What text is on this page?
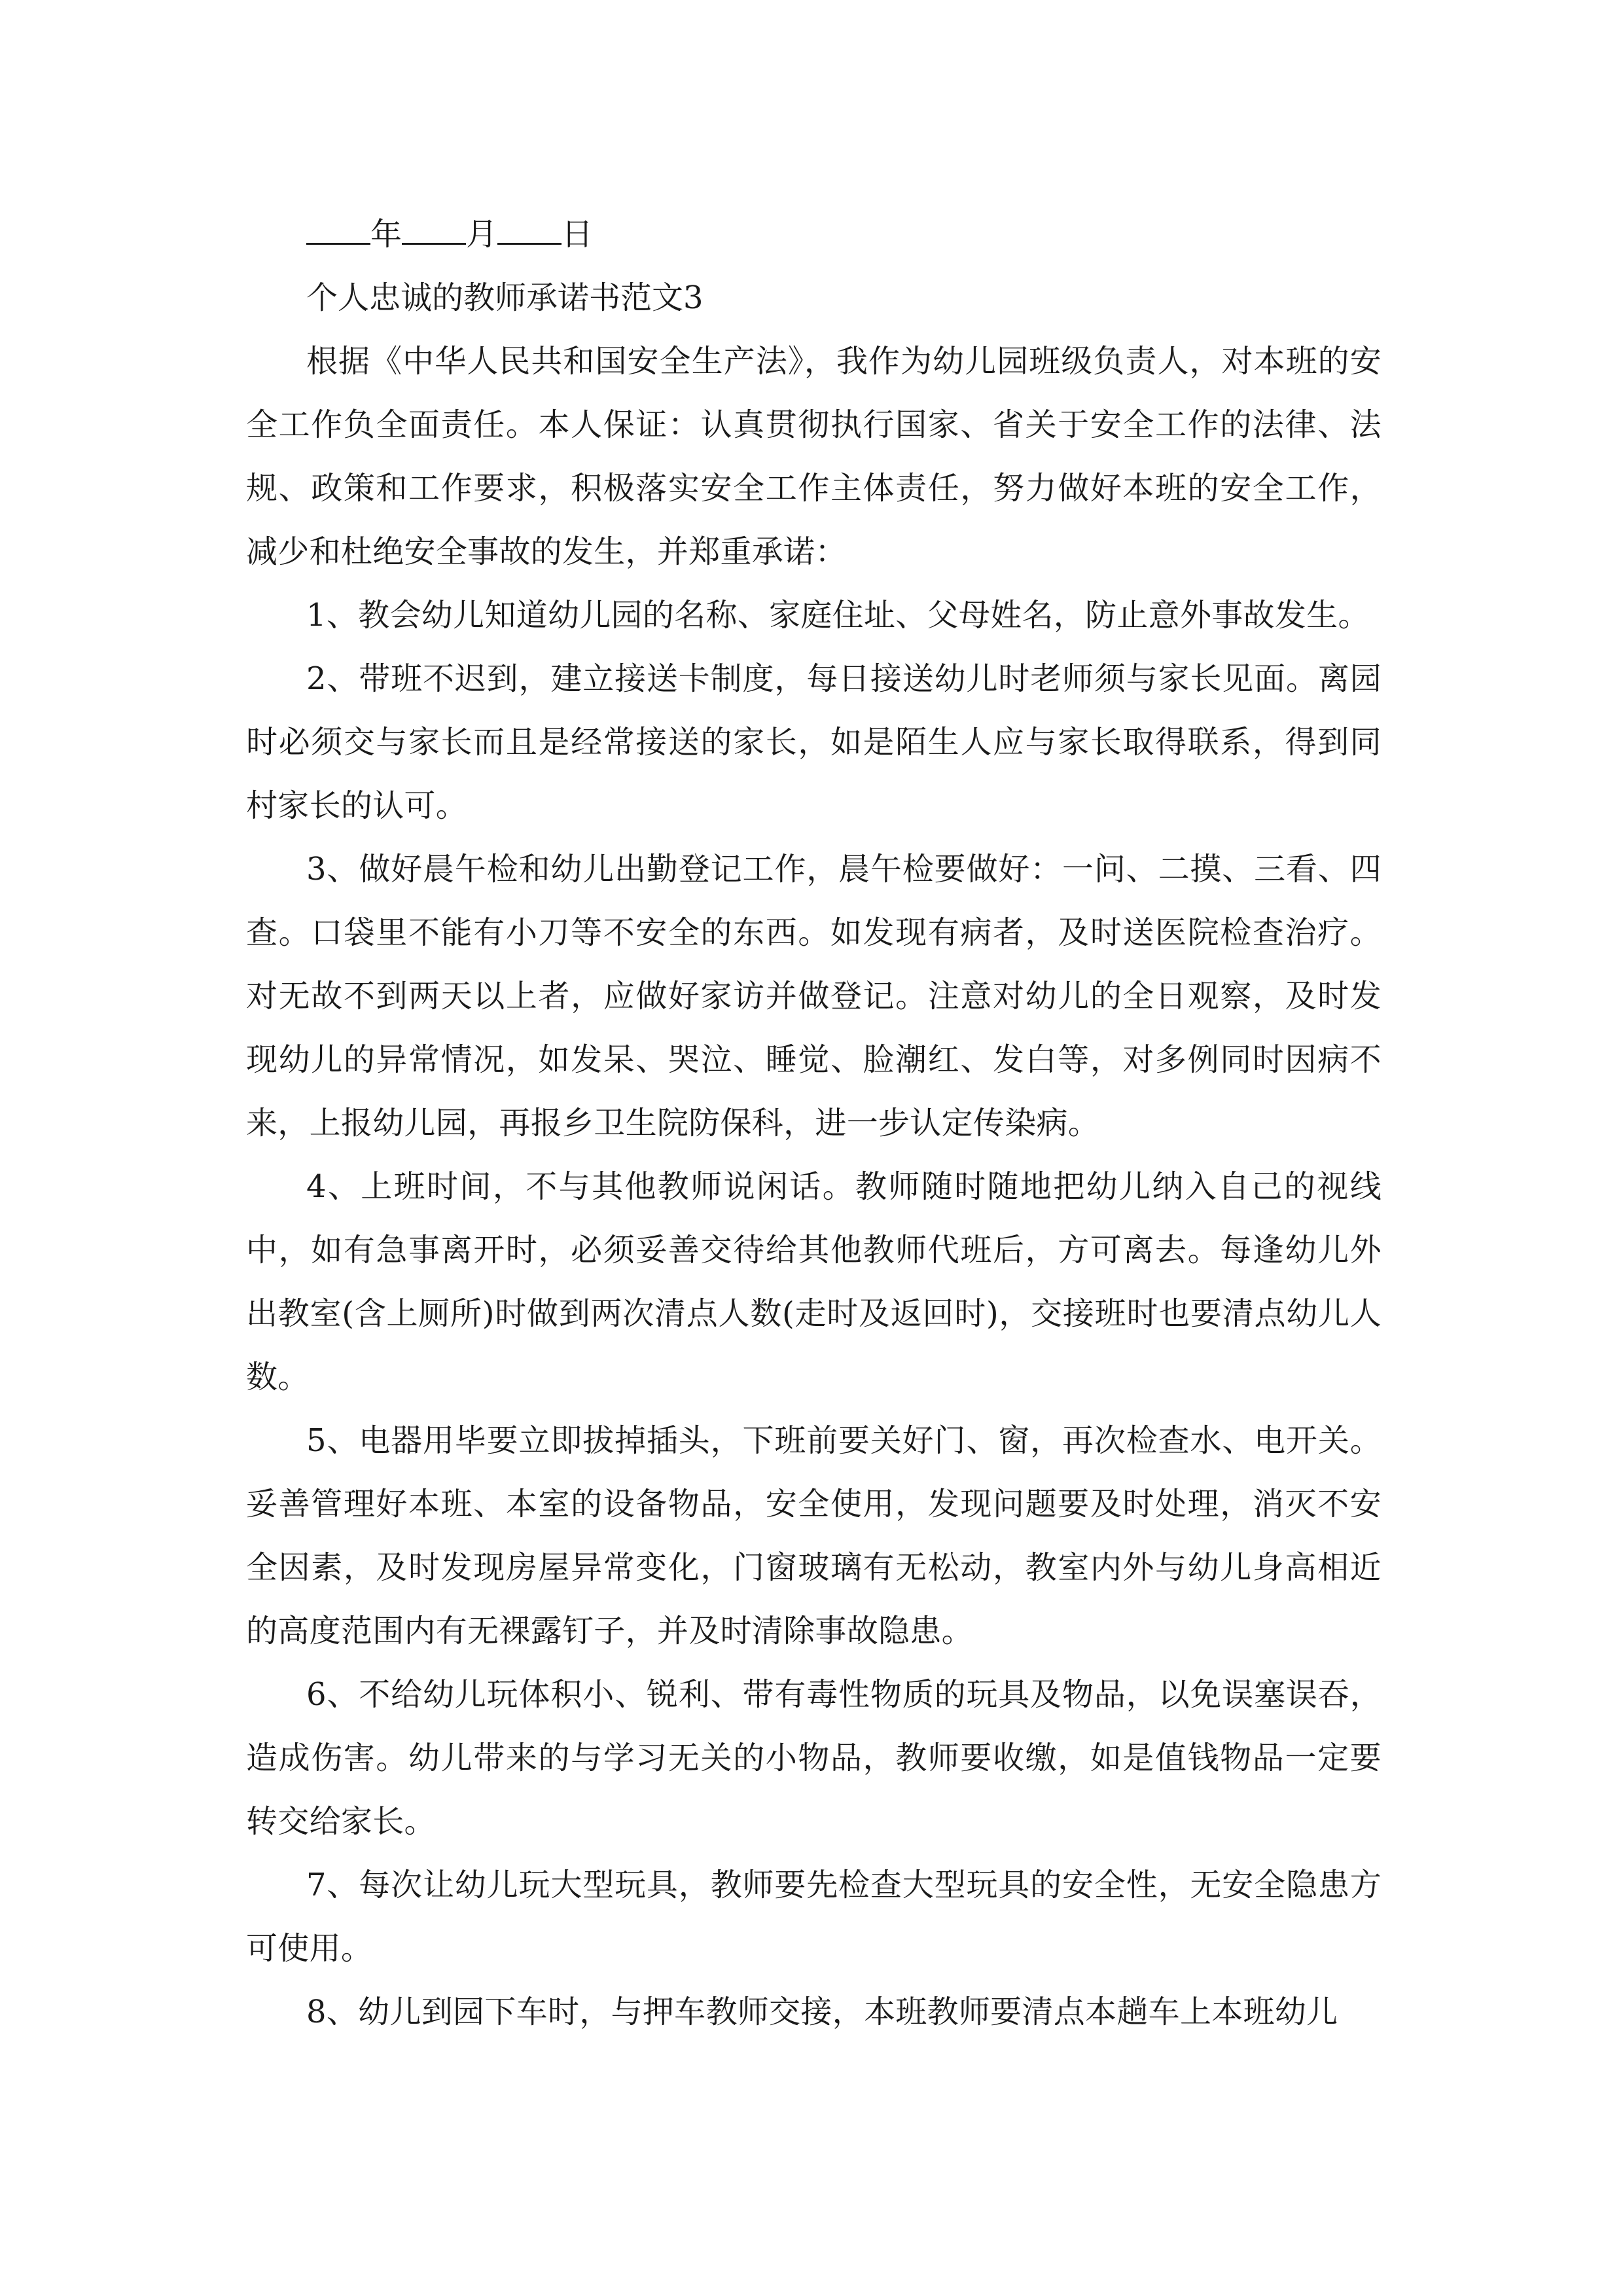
年 月 日

个人忠诚的教师承诺书范文3

根据《中华人民共和国安全生产法》，我作为幼儿园班级负责人，对本班的安全工作负全面责任。本人保证：认真贯彻执行国家、省关于安全工作的法律、法规、政策和工作要求，积极落实安全工作主体责任，努力做好本班的安全工作，减少和杜绝安全事故的发生，并郑重承诺：

1、教会幼儿知道幼儿园的名称、家庭住址、父母姓名，防止意外事故发生。

2、带班不迟到，建立接送卡制度，每日接送幼儿时老师须与家长见面。离园时必须交与家长而且是经常接送的家长，如是陌生人应与家长取得联系，得到同村家长的认可。

3、做好晨午检和幼儿出勤登记工作，晨午检要做好：一问、二摸、三看、四查。口袋里不能有小刀等不安全的东西。如发现有病者，及时送医院检查治疗。对无故不到两天以上者，应做好家访并做登记。注意对幼儿的全日观察，及时发现幼儿的异常情况，如发呆、哭泣、睡觉、脸潮红、发白等，对多例同时因病不来，上报幼儿园，再报乡卫生院防保科，进一步认定传染病。

4、上班时间，不与其他教师说闲话。教师随时随地把幼儿纳入自己的视线中，如有急事离开时，必须妥善交待给其他教师代班后，方可离去。每逢幼儿外出教室(含上厕所)时做到两次清点人数(走时及返回时)，交接班时也要清点幼儿人数。

5、电器用毕要立即拔掉插头，下班前要关好门、窗，再次检查水、电开关。妥善管理好本班、本室的设备物品，安全使用，发现问题要及时处理，消灭不安全因素，及时发现房屋异常变化，门窗玻璃有无松动，教室内外与幼儿身高相近的高度范围内有无裸露钉子，并及时清除事故隐患。

6、不给幼儿玩体积小、锐利、带有毒性物质的玩具及物品，以免误塞误吞，造成伤害。幼儿带来的与学习无关的小物品，教师要收缴，如是值钱物品一定要转交给家长。

7、每次让幼儿玩大型玩具，教师要先检查大型玩具的安全性，无安全隐患方可使用。

8、幼儿到园下车时，与押车教师交接，本班教师要清点本趟车上本班幼儿
